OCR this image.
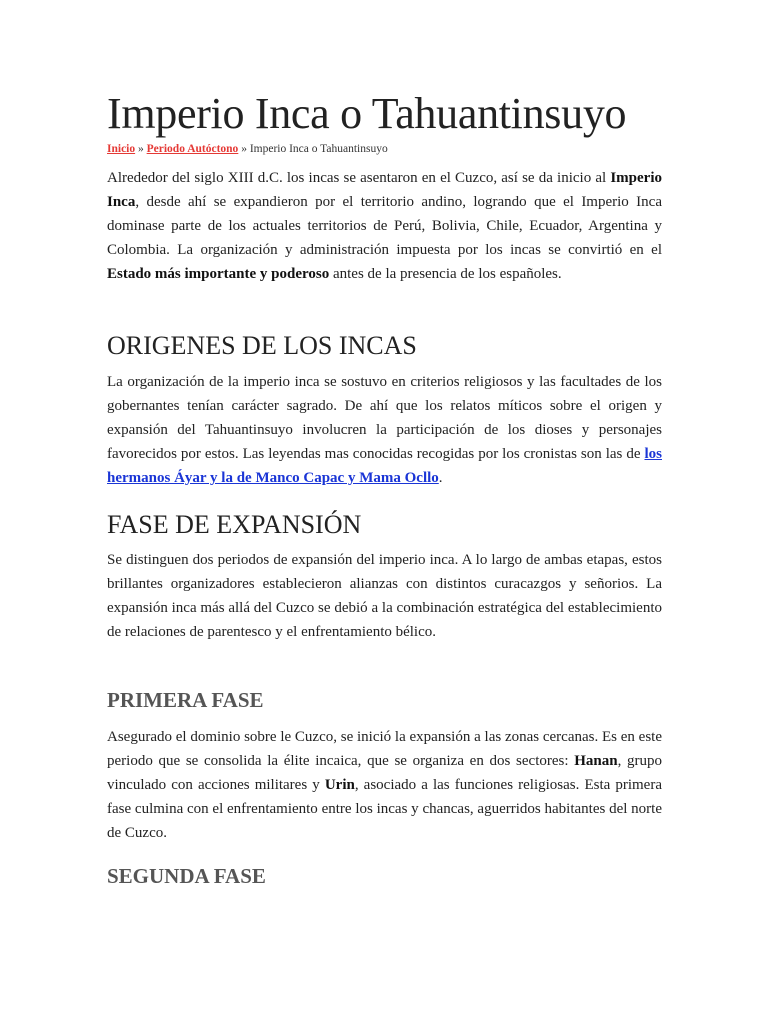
Imperio Inca o Tahuantinsuyo
Inicio » Periodo Autóctono » Imperio Inca o Tahuantinsuyo

Alrededor del siglo XIII d.C. los incas se asentaron en el Cuzco, así se da inicio al Imperio Inca, desde ahí se expandieron por el territorio andino, logrando que el Imperio Inca dominase parte de los actuales territorios de Perú, Bolivia, Chile, Ecuador, Argentina y Colombia. La organización y administración impuesta por los incas se convirtió en el Estado más importante y poderoso antes de la presencia de los españoles.

ORIGENES DE LOS INCAS

La organización de la imperio inca se sostuvo en criterios religiosos y las facultades de los gobernantes tenían carácter sagrado. De ahí que los relatos míticos sobre el origen y expansión del Tahuantinsuyo involucren la participación de los dioses y personajes favorecidos por estos. Las leyendas mas conocidas recogidas por los cronistas son las de los hermanos Áyar y la de Manco Capac y Mama Ocllo.

FASE DE EXPANSIÓN

Se distinguen dos periodos de expansión del imperio inca. A lo largo de ambas etapas, estos brillantes organizadores establecieron alianzas con distintos curacazgos y señorios. La expansión inca más allá del Cuzco se debió a la combinación estratégica del establecimiento de relaciones de parentesco y el enfrentamiento bélico.

PRIMERA FASE

Asegurado el dominio sobre le Cuzco, se inició la expansión a las zonas cercanas. Es en este periodo que se consolida la élite incaica, que se organiza en dos sectores: Hanan, grupo vinculado con acciones militares y Urin, asociado a las funciones religiosas. Esta primera fase culmina con el enfrentamiento entre los incas y chancas, aguerridos habitantes del norte de Cuzco.

SEGUNDA FASE
